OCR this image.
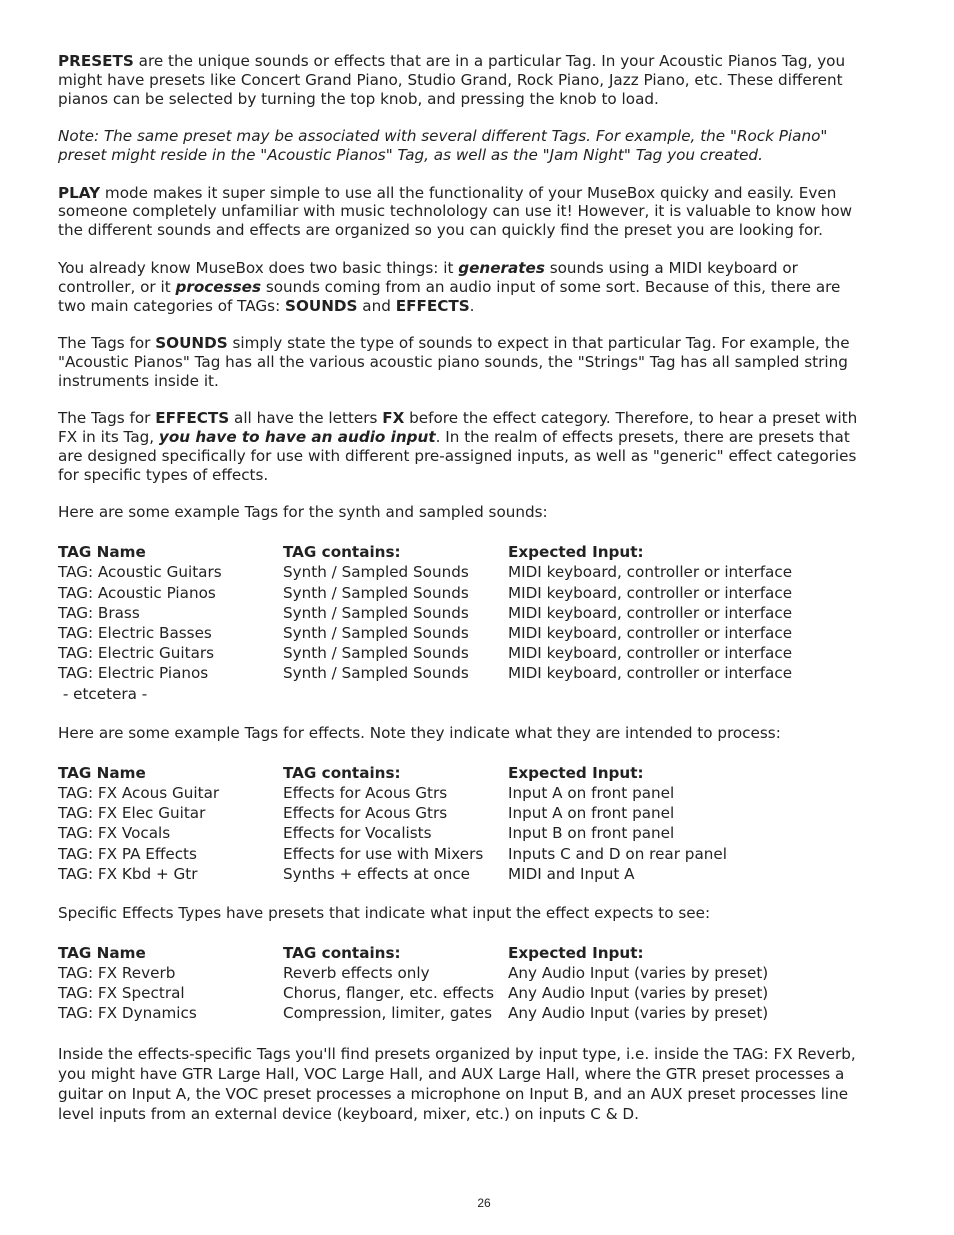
PRESETS are the unique sounds or effects that are in a particular Tag. In your Acoustic Pianos Tag, you might have presets like Concert Grand Piano, Studio Grand, Rock Piano, Jazz Piano, etc. These different pianos can be selected by turning the top knob, and pressing the knob to load.

Note: The same preset may be associated with several different Tags. For example, the "Rock Piano" preset might reside in the "Acoustic Pianos" Tag, as well as the "Jam Night" Tag you created.

PLAY mode makes it super simple to use all the functionality of your MuseBox quicky and easily. Even someone completely unfamiliar with music technolology can use it! However, it is valuable to know how the different sounds and effects are organized so you can quickly find the preset you are looking for.

You already know MuseBox does two basic things: it generates sounds using a MIDI keyboard or controller, or it processes sounds coming from an audio input of some sort. Because of this, there are two main categories of TAGs: SOUNDS and EFFECTS.

The Tags for SOUNDS simply state the type of sounds to expect in that particular Tag. For example, the "Acoustic Pianos" Tag has all the various acoustic piano sounds, the "Strings" Tag has all sampled string instruments inside it.

The Tags for EFFECTS all have the letters FX before the effect category. Therefore, to hear a preset with FX in its Tag, you have to have an audio input. In the realm of effects presets, there are presets that are designed specifically for use with different pre-assigned inputs, as well as "generic" effect categories for specific types of effects.

Here are some example Tags for the synth and sampled sounds:

TAG Name	TAG contains:	Expected Input:
TAG: Acoustic Guitars	Synth / Sampled Sounds	MIDI keyboard, controller or interface
TAG: Acoustic Pianos	Synth / Sampled Sounds	MIDI keyboard, controller or interface
TAG: Brass	Synth / Sampled Sounds	MIDI keyboard, controller or interface
TAG: Electric Basses	Synth / Sampled Sounds	MIDI keyboard, controller or interface
TAG: Electric Guitars	Synth / Sampled Sounds	MIDI keyboard, controller or interface
TAG: Electric Pianos	Synth / Sampled Sounds	MIDI keyboard, controller or interface
- etcetera -		

Here are some example Tags for effects. Note they indicate what they are intended to process:

TAG Name	TAG contains:	Expected Input:
TAG: FX Acous Guitar	Effects for Acous Gtrs	Input A on front panel
TAG: FX Elec Guitar	Effects for Acous Gtrs	Input A on front panel
TAG: FX Vocals	Effects for Vocalists	Input B on front panel
TAG: FX PA Effects	Effects for use with Mixers	Inputs C and D on rear panel
TAG: FX Kbd + Gtr	Synths + effects at once	MIDI and Input A

Specific Effects Types have presets that indicate what input the effect expects to see:

TAG Name	TAG contains:	Expected Input:
TAG: FX Reverb	Reverb effects only	Any Audio Input (varies by preset)
TAG: FX Spectral	Chorus, flanger, etc. effects	Any Audio Input (varies by preset)
TAG: FX Dynamics	Compression, limiter, gates	Any Audio Input (varies by preset)

Inside the effects-specific Tags you'll find presets organized by input type, i.e. inside the TAG: FX Reverb, you might have GTR Large Hall, VOC Large Hall, and AUX Large Hall, where the GTR preset processes a guitar on Input A, the VOC preset processes a microphone on Input B, and an AUX preset processes line level inputs from an external device (keyboard, mixer, etc.) on inputs C & D.

26
